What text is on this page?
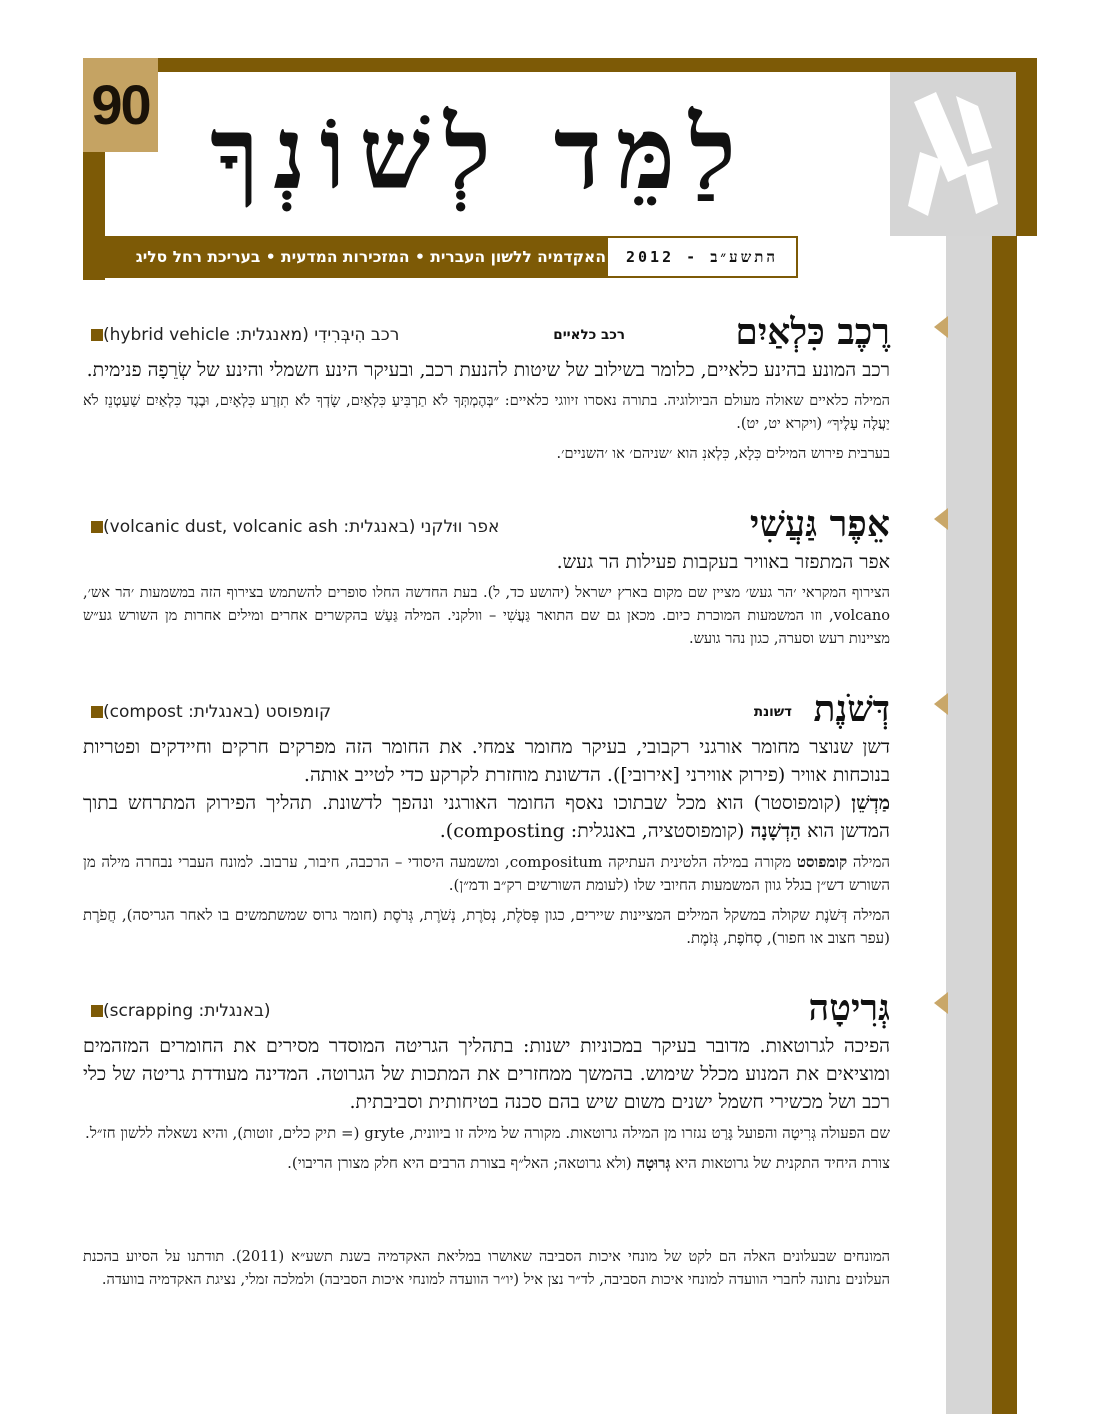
90 לַמֵּד לְשׁוֹנְךָ
התשע״ב - 2012
האקדמיה ללשון העברית • המזכירות המדעית • בעריכת רחל סליג
רֶכֶב כִּלְאַיִם
רכב כלאיים
רכב הִיבְּרִידִי (מאנגלית: hybrid vehicle)

רכב המונע בהינע כלאיים, כלומר בשילוב של שיטות להנעת רכב, ובעיקר הינע חשמלי והינע של שְׂרֵפָה פנימית.

המילה כלאיים שאולה מעולם הביולוגיה. בתורה נאסרו זיווגי כלאיים: ״בְּהֶמְתְּךָ לֹא תַרְבִּיעַ כִּלְאַיִם, שָׂדְךָ לֹא תִזְרַע כִּלְאָיִם, וּבֶגֶד כִּלְאַיִם שַׁעַטְנֵז לֹא יַעֲלֶה עָלֶיךָ״ (ויקרא יט, יט).

בערבית פירוש המילים כִּלָא, כִּלְאנִ הוא ׳שניהם׳ או ׳השניים׳.

אֵפֶר גַּעֲשִׁי
אפר ווּלקני (באנגלית: volcanic dust, volcanic ash)

אפר המתפזר באוויר בעקבות פעילות הר געש.

הצירוף המקראי ׳הר געש׳ מציין שם מקום בארץ ישראל (יהושע כד, ל). בעת החדשה החלו סופרים להשתמש בצירוף הזה במשמעות ׳הר אש׳, volcano, וזו המשמעות המוכרת כיום. מכאן גם שם התואר גַּעֲשִׁי – וולקני. המילה גַּעַשׁ בהקשרים אחרים ומילים אחרות מן השורש גע״ש מציינות רעש וסערה, כגון נהר גועש.

דְּשֹׁנֶת
דשונת
קומפוסט (באנגלית: compost)

דשן שנוצר מחומר אורגני רקבובי, בעיקר מחומר צמחי. את החומר הזה מפרקים חרקים וחיידקים ופטריות בנוכחות אוויר (פירוק אווירני [אירובי]). הדשונת מוחזרת לקרקע כדי לטייב אותה.

מַדְשֵׁן (קומפוסטר) הוא מכל שבתוכו נאסף החומר האורגני ונהפך לדשונת. תהליך הפירוק המתרחש בתוך המדשן הוא הַדְשָׁנָה (קומפוסטציה, באנגלית: composting).

המילה קומפוסט מקורה במילה הלטינית העתיקה compositum, ומשמעה היסודי – הרכבה, חיבור, ערבוב. למונח העברי נבחרה מילה מן השורש דש״ן בגלל גוון המשמעות החיובי שלו (לעומת השורשים רק״ב ודמ״ן).

המילה דְּשֹׁנֶת שקולה במשקל המילים המציינות שיירים, כגון פְּסֹלֶת, נְסֹרֶת, נְשֹׁרֶת, גְּרֹסֶת (חומר גרוס שמשתמשים בו לאחר הגריסה), חֲפֹרֶת (עפר חצוב או חפור), סְחֹפֶת, גְּזֹמֶת.

גְּרִיטָה
(באנגלית: scrapping)

הפיכה לגרוטאות. מדובר בעיקר במכוניות ישנות: בתהליך הגריטה המוסדר מסירים את החומרים המזהמים ומוציאים את המנוע מכלל שימוש. בהמשך ממחזרים את המתכות של הגרוטה. המדינה מעודדת גריטה של כלי רכב ושל מכשירי חשמל ישנים משום שיש בהם סכנה בטיחותית וסביבתית.

שם הפעולה גְּרִיטָה והפועל גָּרַט נגזרו מן המילה גרוטאות. מקורה של מילה זו ביוונית, gryte (= תיק כלים, זוטות), והיא נשאלה ללשון חז״ל.

צורת היחיד התקנית של גרוטאות היא גְּרוּטָה (ולא גרוטאה; האל״ף בצורת הרבים היא חלק מצורן הריבוי).

המונחים שבעלונים האלה הם לקט של מונחי איכות הסביבה שאושרו במליאת האקדמיה בשנת תשע״א (2011). תודתנו על הסיוע בהכנת העלונים נתונה לחברי הוועדה למונחי איכות הסביבה, לד״ר נצן איל (יו״ר הוועדה למונחי איכות הסביבה) ולמלכה זמלי, נציגת האקדמיה בוועדה.
